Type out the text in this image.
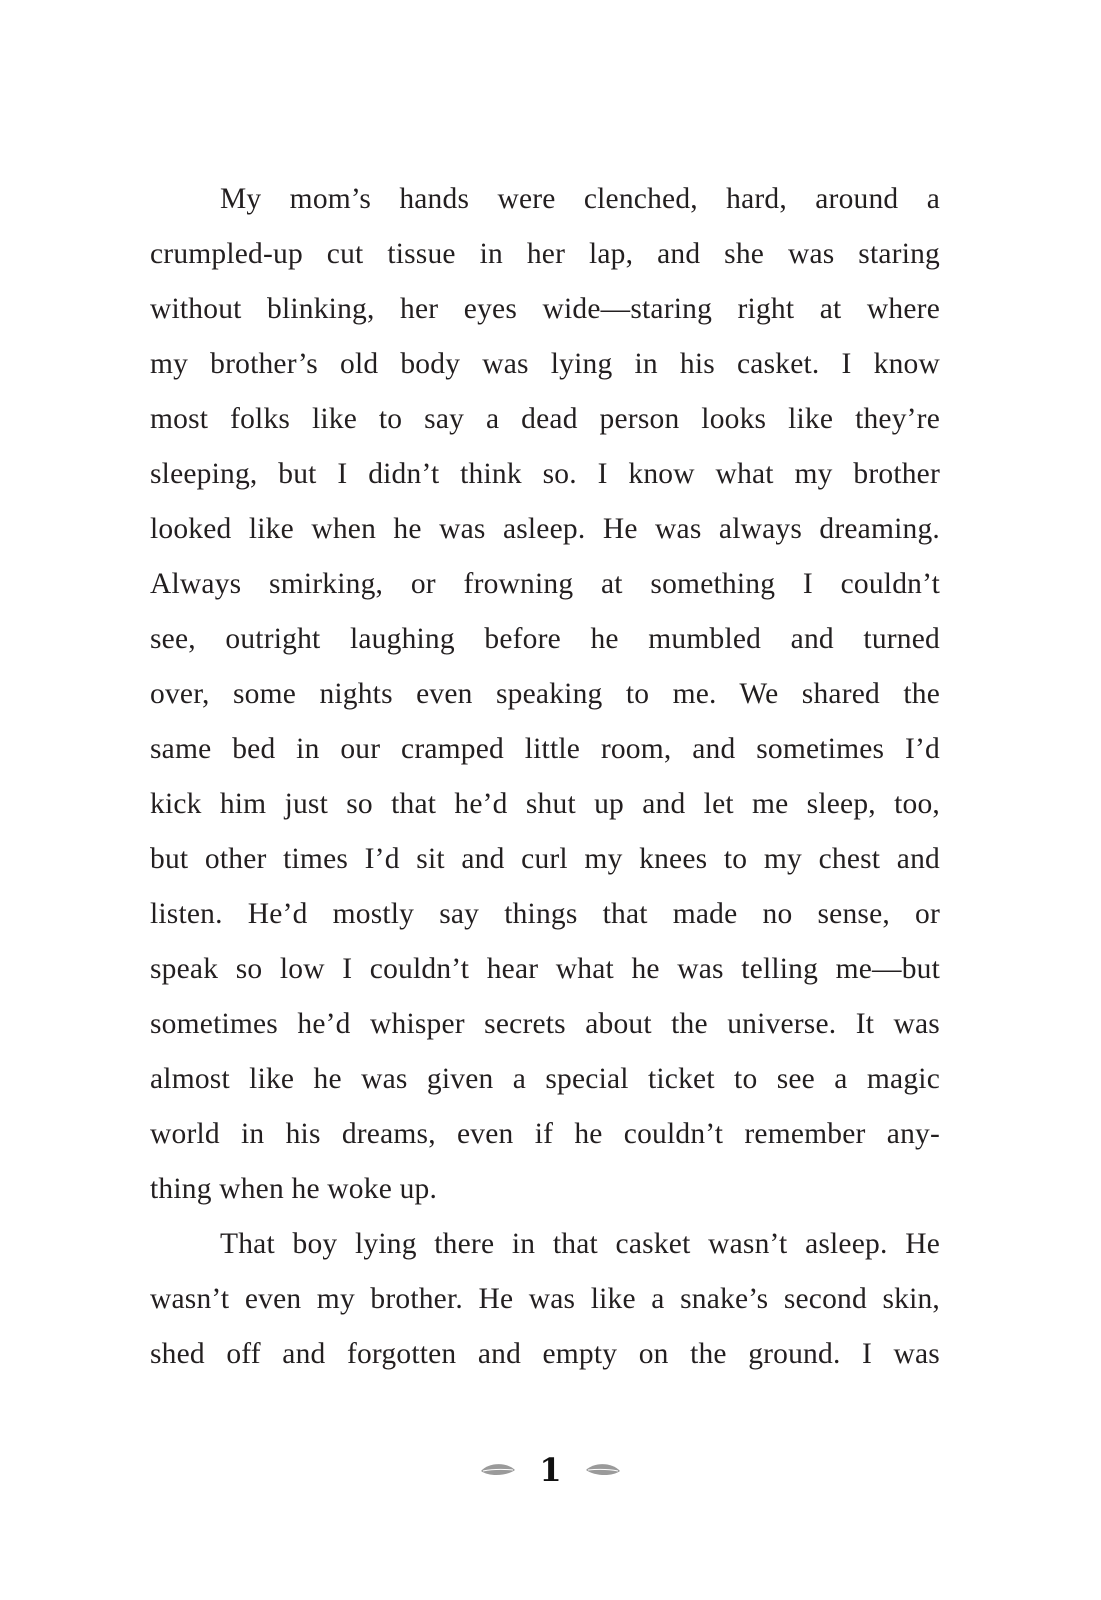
My mom’s hands were clenched, hard, around a
crumpled-up cut tissue in her lap, and she was staring
without blinking, her eyes wide—staring right at where
my brother’s old body was lying in his casket. I know
most folks like to say a dead person looks like they’re
sleeping, but I didn’t think so. I know what my brother
looked like when he was asleep. He was always dreaming.
Always smirking, or frowning at something I couldn’t
see, outright laughing before he mumbled and turned
over, some nights even speaking to me. We shared the
same bed in our cramped little room, and sometimes I’d
kick him just so that he’d shut up and let me sleep, too,
but other times I’d sit and curl my knees to my chest and
listen. He’d mostly say things that made no sense, or
speak so low I couldn’t hear what he was telling me—but
sometimes he’d whisper secrets about the universe. It was
almost like he was given a special ticket to see a magic
world in his dreams, even if he couldn’t remember any-
thing when he woke up.
That boy lying there in that casket wasn’t asleep. He
wasn’t even my brother. He was like a snake’s second skin,
shed off and forgotten and empty on the ground. I was
1
